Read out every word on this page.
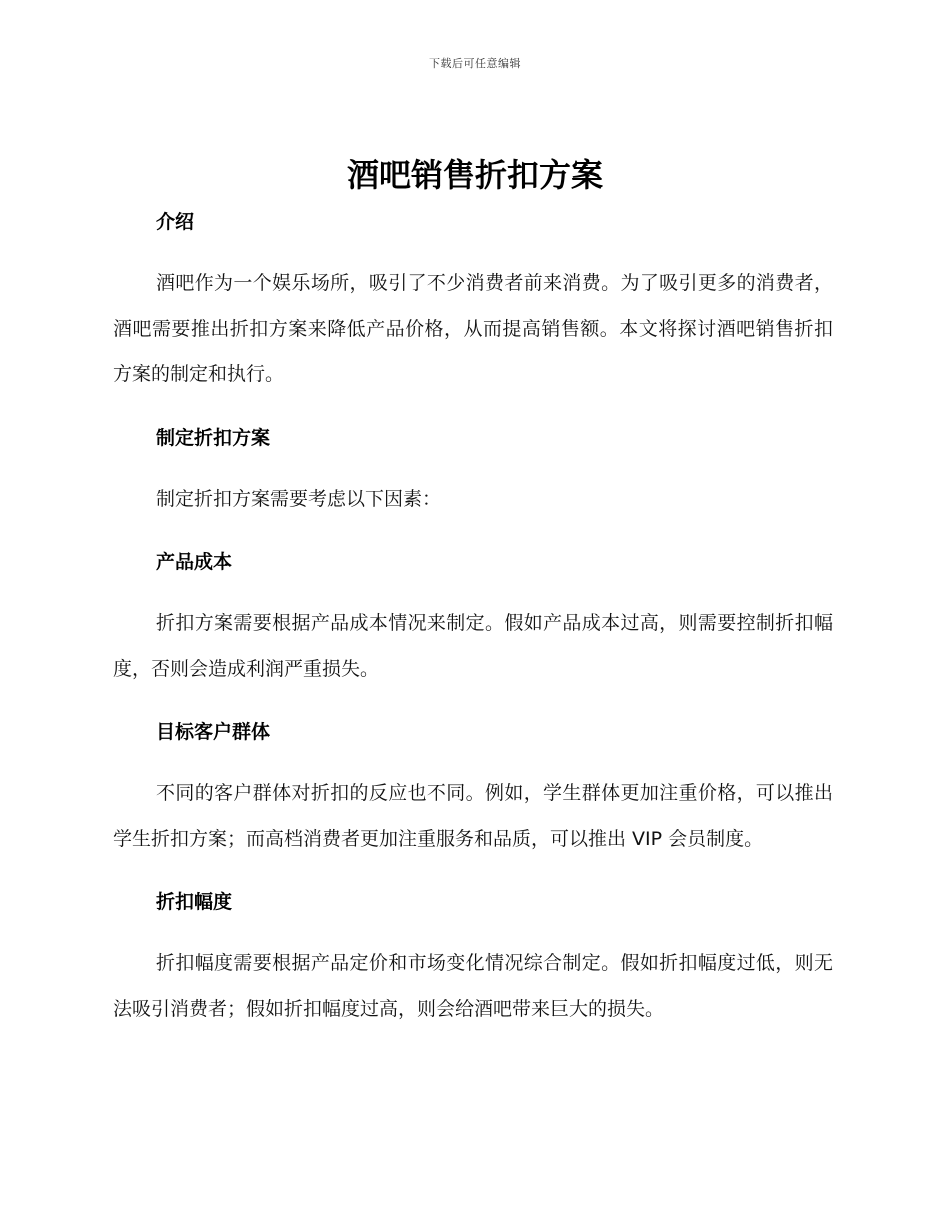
下载后可任意编辑
酒吧销售折扣方案
介绍

酒吧作为一个娱乐场所，吸引了不少消费者前来消费。为了吸引更多的消费者，酒吧需要推出折扣方案来降低产品价格，从而提高销售额。本文将探讨酒吧销售折扣方案的制定和执行。

制定折扣方案

制定折扣方案需要考虑以下因素：

产品成本

折扣方案需要根据产品成本情况来制定。假如产品成本过高，则需要控制折扣幅度，否则会造成利润严重损失。

目标客户群体

不同的客户群体对折扣的反应也不同。例如，学生群体更加注重价格，可以推出学生折扣方案；而高档消费者更加注重服务和品质，可以推出 VIP 会员制度。

折扣幅度

折扣幅度需要根据产品定价和市场变化情况综合制定。假如折扣幅度过低，则无法吸引消费者；假如折扣幅度过高，则会给酒吧带来巨大的损失。
